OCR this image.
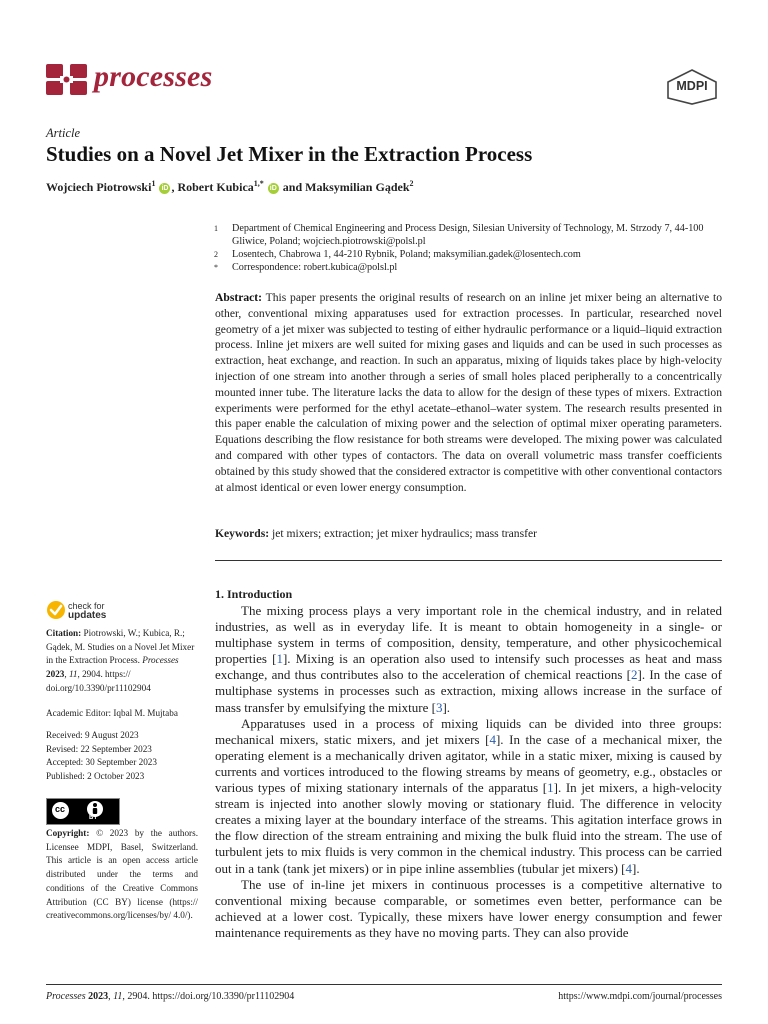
processes	MDPI
Article
Studies on a Novel Jet Mixer in the Extraction Process
Wojciech Piotrowski$^1$ iD , Robert Kubica$^{1,*}$ iD and Maksymilian Gądek$^2$
1 Department of Chemical Engineering and Process Design, Silesian University of Technology, M. Strzody 7, 44-100 Gliwice, Poland; wojciech.piotrowski@polsl.pl
2 Losentech, Chabrowa 1, 44-210 Rybnik, Poland; maksymilian.gadek@losentech.com
* Correspondence: robert.kubica@polsl.pl
Abstract: This paper presents the original results of research on an inline jet mixer being an alternative to other, conventional mixing apparatuses used for extraction processes. In particular, researched novel geometry of a jet mixer was subjected to testing of either hydraulic performance or a liquid–liquid extraction process. Inline jet mixers are well suited for mixing gases and liquids and can be used in such processes as extraction, heat exchange, and reaction. In such an apparatus, mixing of liquids takes place by high-velocity injection of one stream into another through a series of small holes placed peripherally to a concentrically mounted inner tube. The literature lacks the data to allow for the design of these types of mixers. Extraction experiments were performed for the ethyl acetate–ethanol–water system. The research results presented in this paper enable the calculation of mixing power and the selection of optimal mixer operating parameters. Equations describing the flow resistance for both streams were developed. The mixing power was calculated and compared with other types of contactors. The data on overall volumetric mass transfer coefficients obtained by this study showed that the considered extractor is competitive with other conventional contactors at almost identical or even lower energy consumption.
Keywords: jet mixers; extraction; jet mixer hydraulics; mass transfer
1. Introduction

The mixing process plays a very important role in the chemical industry, and in related industries, as well as in everyday life. It is meant to obtain homogeneity in a single- or multiphase system in terms of composition, density, temperature, and other physicochemical properties [1]. Mixing is an operation also used to intensify such processes as heat and mass exchange, and thus contributes also to the acceleration of chemical reactions [2]. In the case of multiphase systems in processes such as extraction, mixing allows increase in the surface of mass transfer by emulsifying the mixture [3].

Apparatuses used in a process of mixing liquids can be divided into three groups: mechanical mixers, static mixers, and jet mixers [4]. In the case of a mechanical mixer, the operating element is a mechanically driven agitator, while in a static mixer, mixing is caused by currents and vortices introduced to the flowing streams by means of geometry, e.g., obstacles or various types of mixing stationary internals of the apparatus [1]. In jet mixers, a high-velocity stream is injected into another slowly moving or stationary fluid. The difference in velocity creates a mixing layer at the boundary interface of the streams. This agitation interface grows in the flow direction of the stream entraining and mixing the bulk fluid into the stream. The use of turbulent jets to mix fluids is very common in the chemical industry. This process can be carried out in a tank (tank jet mixers) or in pipe inline assemblies (tubular jet mixers) [4].

The use of in-line jet mixers in continuous processes is a competitive alternative to conventional mixing because comparable, or sometimes even better, performance can be achieved at a lower cost. Typically, these mixers have lower energy consumption and fewer maintenance requirements as they have no moving parts. They can also provide

check for
updates
Citation: Piotrowski, W.; Kubica, R.; Gądek, M. Studies on a Novel Jet Mixer in the Extraction Process. Processes 2023, 11, 2904. https:// doi.org/10.3390/pr11102904
Academic Editor: Iqbal M. Mujtaba
Received: 9 August 2023
Revised: 22 September 2023
Accepted: 30 September 2023
Published: 2 October 2023
cc
BY
Copyright: © 2023 by the authors. Licensee MDPI, Basel, Switzerland. This article is an open access article distributed under the terms and conditions of the Creative Commons Attribution (CC BY) license (https:// creativecommons.org/licenses/by/ 4.0/).
Processes 2023, 11, 2904. https://doi.org/10.3390/pr11102904	https://www.mdpi.com/journal/processes
